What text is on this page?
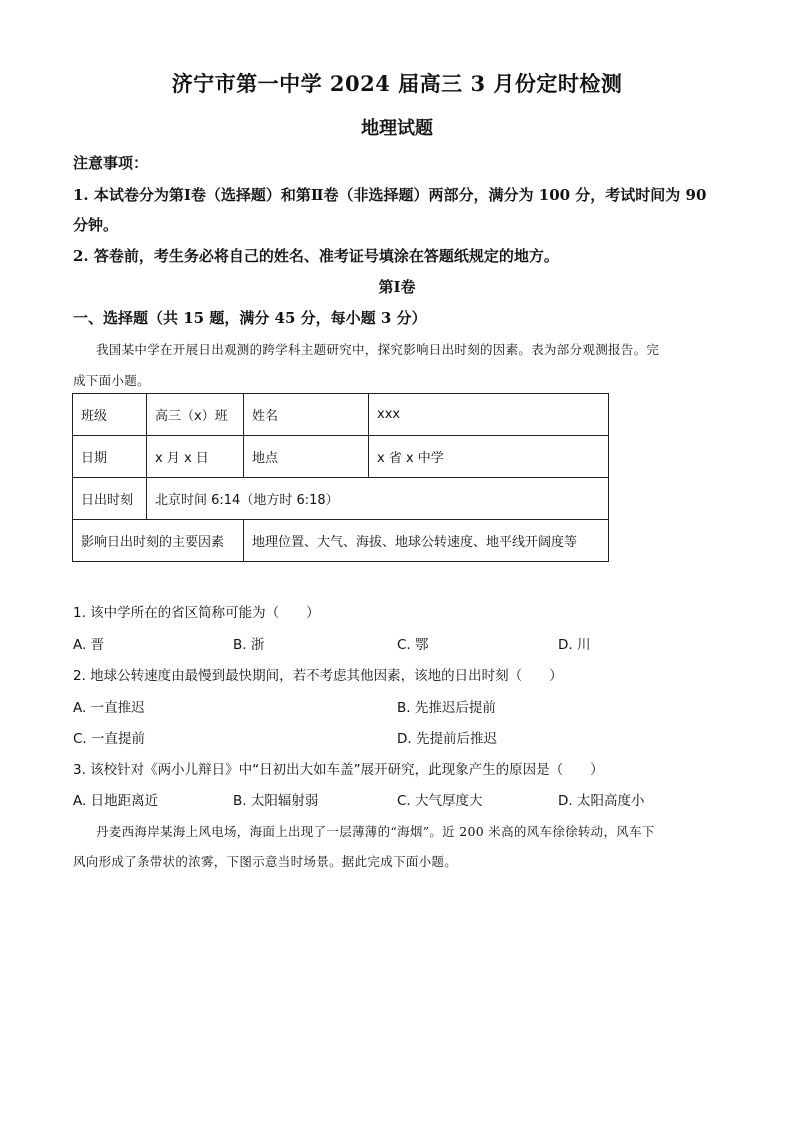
济宁市第一中学 2024 届高三 3 月份定时检测
地理试题
注意事项：
1. 本试卷分为第Ⅰ卷（选择题）和第Ⅱ卷（非选择题）两部分，满分为 100 分，考试时间为 90
分钟。
2. 答卷前，考生务必将自己的姓名、准考证号填涂在答题纸规定的地方。
第Ⅰ卷
一、选择题（共 15 题，满分 45 分，每小题 3 分）
我国某中学在开展日出观测的跨学科主题研究中，探究影响日出时刻的因素。表为部分观测报告。完
成下面小题。
班级	高三（x）班	姓名	xxx
日期	x 月 x 日	地点	x 省 x 中学
日出时刻	北京时间 6:14（地方时 6:18）		
影响日出时刻的主要因素		地理位置、大气、海拔、地球公转速度、地平线开阔度等	
1. 该中学所在的省区简称可能为（　　）
A. 晋	B. 浙	C. 鄂	D. 川
2. 地球公转速度由最慢到最快期间，若不考虑其他因素，该地的日出时刻（　　）
A. 一直推迟	B. 先推迟后提前
C. 一直提前	D. 先提前后推迟
3. 该校针对《两小儿辩日》中“日初出大如车盖”展开研究，此现象产生的原因是（　　）
A. 日地距离近	B. 太阳辐射弱	C. 大气厚度大	D. 太阳高度小
丹麦西海岸某海上风电场，海面上出现了一层薄薄的“海烟”。近 200 米高的风车徐徐转动，风车下
风向形成了条带状的浓雾，下图示意当时场景。据此完成下面小题。
